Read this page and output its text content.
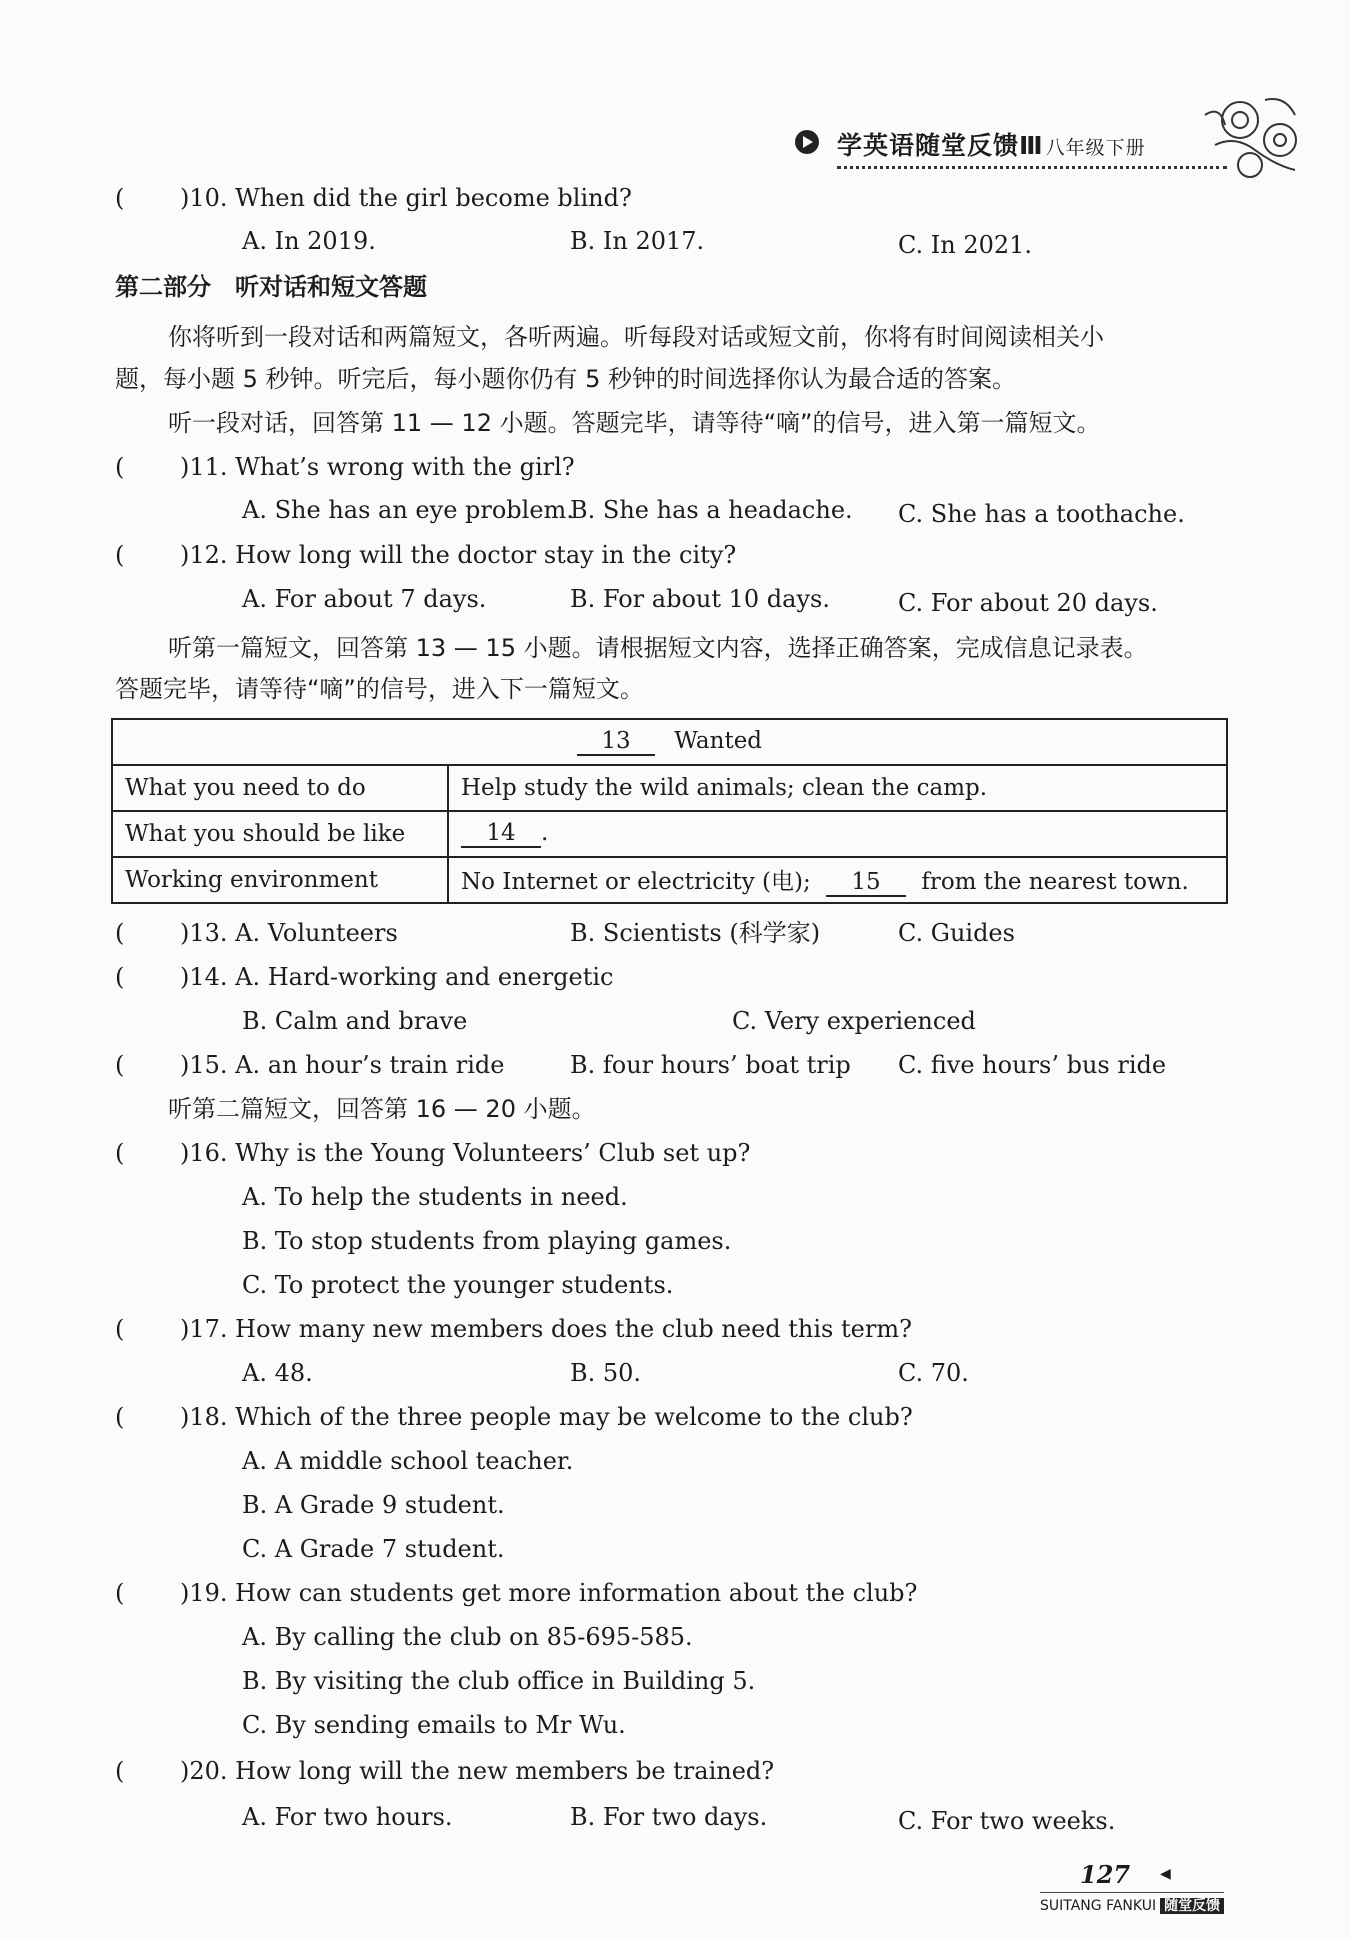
学英语随堂反馈Ⅲ 八年级下册
( )10. When did the girl become blind?
A. In 2019.	B. In 2017.	C. In 2021.
第二部分　听对话和短文答题
你将听到一段对话和两篇短文，各听两遍。听每段对话或短文前，你将有时间阅读相关小
题，每小题 5 秒钟。听完后，每小题你仍有 5 秒钟的时间选择你认为最合适的答案。
听一段对话，回答第 11 — 12 小题。答题完毕，请等待“嘀”的信号，进入第一篇短文。
( )11. What’s wrong with the girl?
A. She has an eye problem.
B. She has a headache. C. She has a toothache.
( )12. How long will the doctor stay in the city?
A. For about 7 days.	B. For about 10 days.	C. For about 20 days.
听第一篇短文，回答第 13 — 15 小题。请根据短文内容，选择正确答案，完成信息记录表。
答题完毕，请等待“嘀”的信号，进入下一篇短文。
13 Wanted	
What you need to do	Help study the wild animals; clean the camp.
What you should be like	14 .
Working environment	No Internet or electricity (电); 15 from the nearest town.
( )13. A. Volunteers	B. Scientists (科学家)	C. Guides
( )14. A. Hard-working and energetic
B. Calm and brave	C. Very experienced
( )15. A. an hour’s train ride	B. four hours’ boat trip C. five hours’ bus ride
听第二篇短文，回答第 16 — 20 小题。
( )16. Why is the Young Volunteers’ Club set up?
A. To help the students in need.
B. To stop students from playing games.
C. To protect the younger students.
( )17. How many new members does the club need this term?
A. 48.	B. 50.	C. 70.
( )18. Which of the three people may be welcome to the club?
A. A middle school teacher.
B. A Grade 9 student.
C. A Grade 7 student.
( )19. How can students get more information about the club?
A. By calling the club on 85-695-585.
B. By visiting the club office in Building 5.
C. By sending emails to Mr Wu.
( )20. How long will the new members be trained?
A. For two hours.	B. For two days.	C. For two weeks.
127 ◀
SUITANG FANKUI 随堂反馈
